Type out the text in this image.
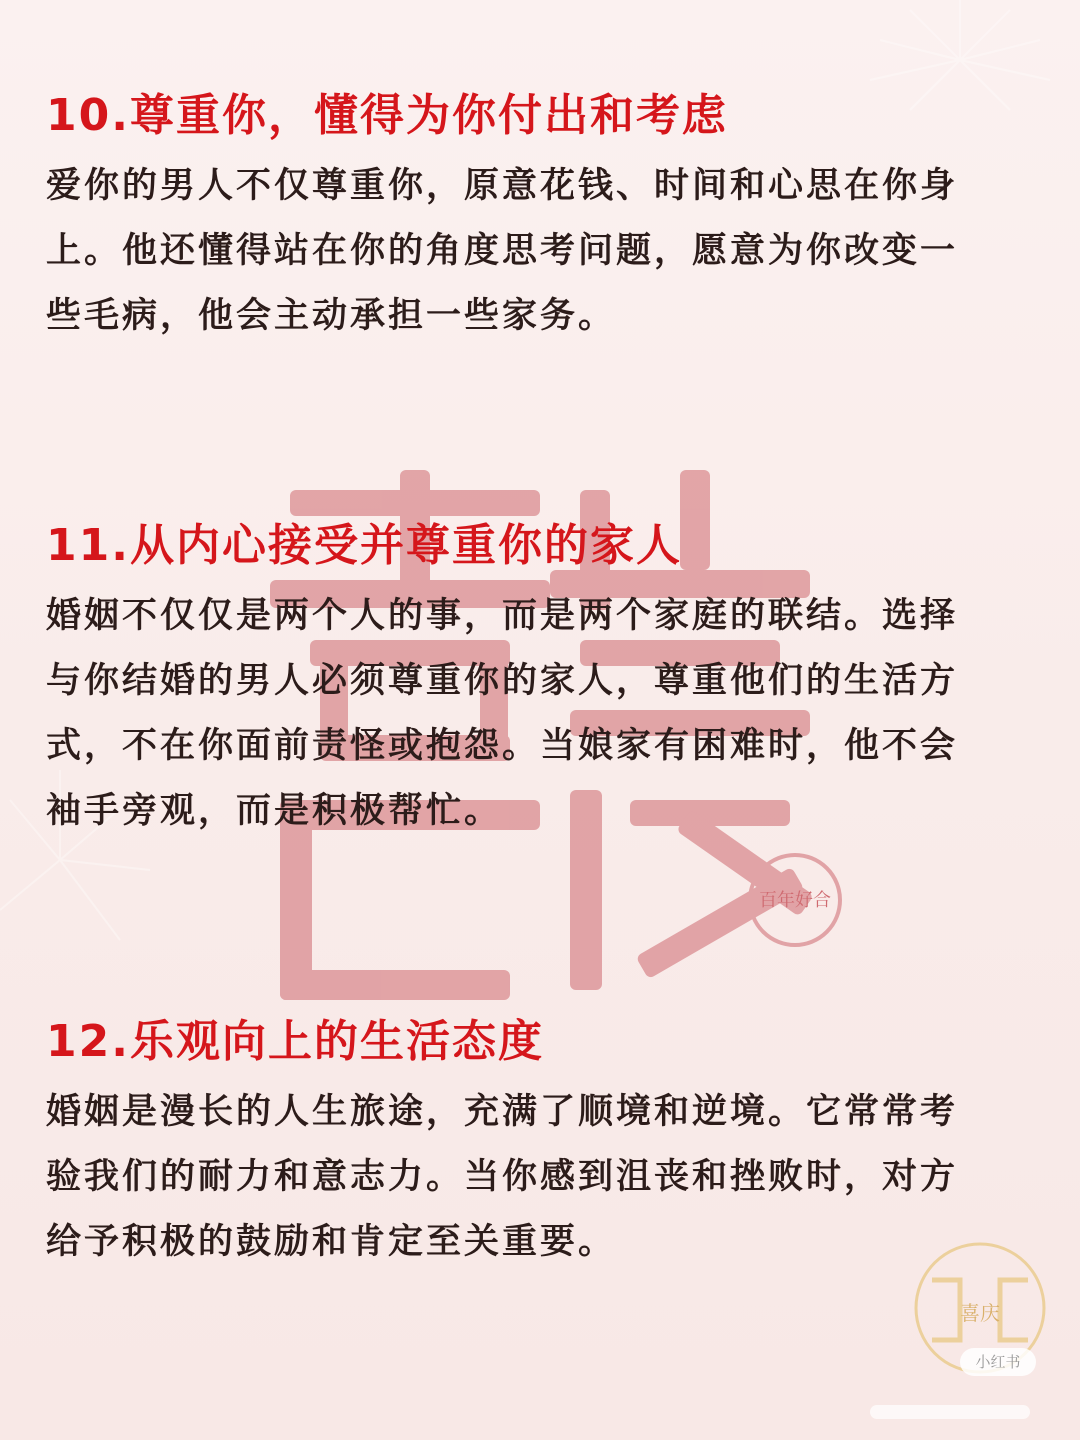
百年好合
10.尊重你，懂得为你付出和考虑

爱你的男人不仅尊重你，原意花钱、时间和心思在你身

上。他还懂得站在你的角度思考问题，愿意为你改变一

些毛病，他会主动承担一些家务。

11.从内心接受并尊重你的家人

婚姻不仅仅是两个人的事，而是两个家庭的联结。选择

与你结婚的男人必须尊重你的家人，尊重他们的生活方

式，不在你面前责怪或抱怨。当娘家有困难时，他不会

袖手旁观，而是积极帮忙。

12.乐观向上的生活态度

婚姻是漫长的人生旅途，充满了顺境和逆境。它常常考

验我们的耐力和意志力。当你感到沮丧和挫败时，对方

给予积极的鼓励和肯定至关重要。

喜庆
小红书
